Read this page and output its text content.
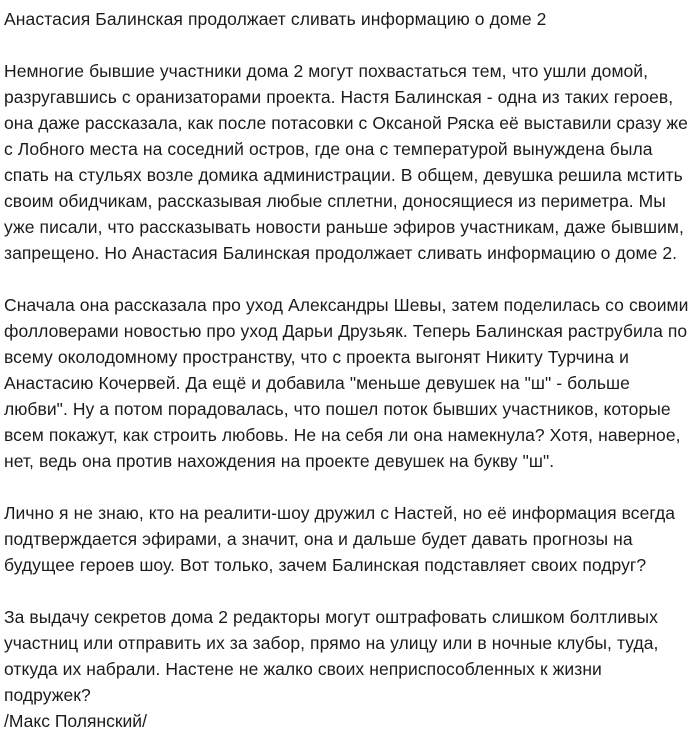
Анастасия Балинская продолжает сливать информацию о доме 2

Немногие бывшие участники дома 2 могут похвастаться тем, что ушли домой, разругавшись с оранизаторами проекта. Настя Балинская - одна из таких героев, она даже рассказала, как после потасовки с Оксаной Ряска её выставили сразу же с Лобного места на соседний остров, где она с температурой вынуждена была спать на стульях возле домика администрации. В общем, девушка решила мстить своим обидчикам, рассказывая любые сплетни, доносящиеся из периметра. Мы уже писали, что рассказывать новости раньше эфиров участникам, даже бывшим, запрещено. Но Анастасия Балинская продолжает сливать информацию о доме 2.

Сначала она рассказала про уход Александры Шевы, затем поделилась со своими фолловерами новостью про уход Дарьи Друзьяк. Теперь Балинская раструбила по всему околодомному пространству, что с проекта выгонят Никиту Турчина и Анастасию Кочервей. Да ещё и добавила "меньше девушек на "ш" - больше любви". Ну а потом порадовалась, что пошел поток бывших участников, которые всем покажут, как строить любовь. Не на себя ли она намекнула? Хотя, наверное, нет, ведь она против нахождения на проекте девушек на букву "ш".

Лично я не знаю, кто на реалити-шоу дружил с Настей, но её информация всегда подтверждается эфирами, а значит, она и дальше будет давать прогнозы на будущее героев шоу. Вот только, зачем Балинская подставляет своих подруг?

За выдачу секретов дома 2 редакторы могут оштрафовать слишком болтливых участниц или отправить их за забор, прямо на улицу или в ночные клубы, туда, откуда их набрали. Настене не жалко своих неприспособленных к жизни подружек?

/Макс Полянский/
